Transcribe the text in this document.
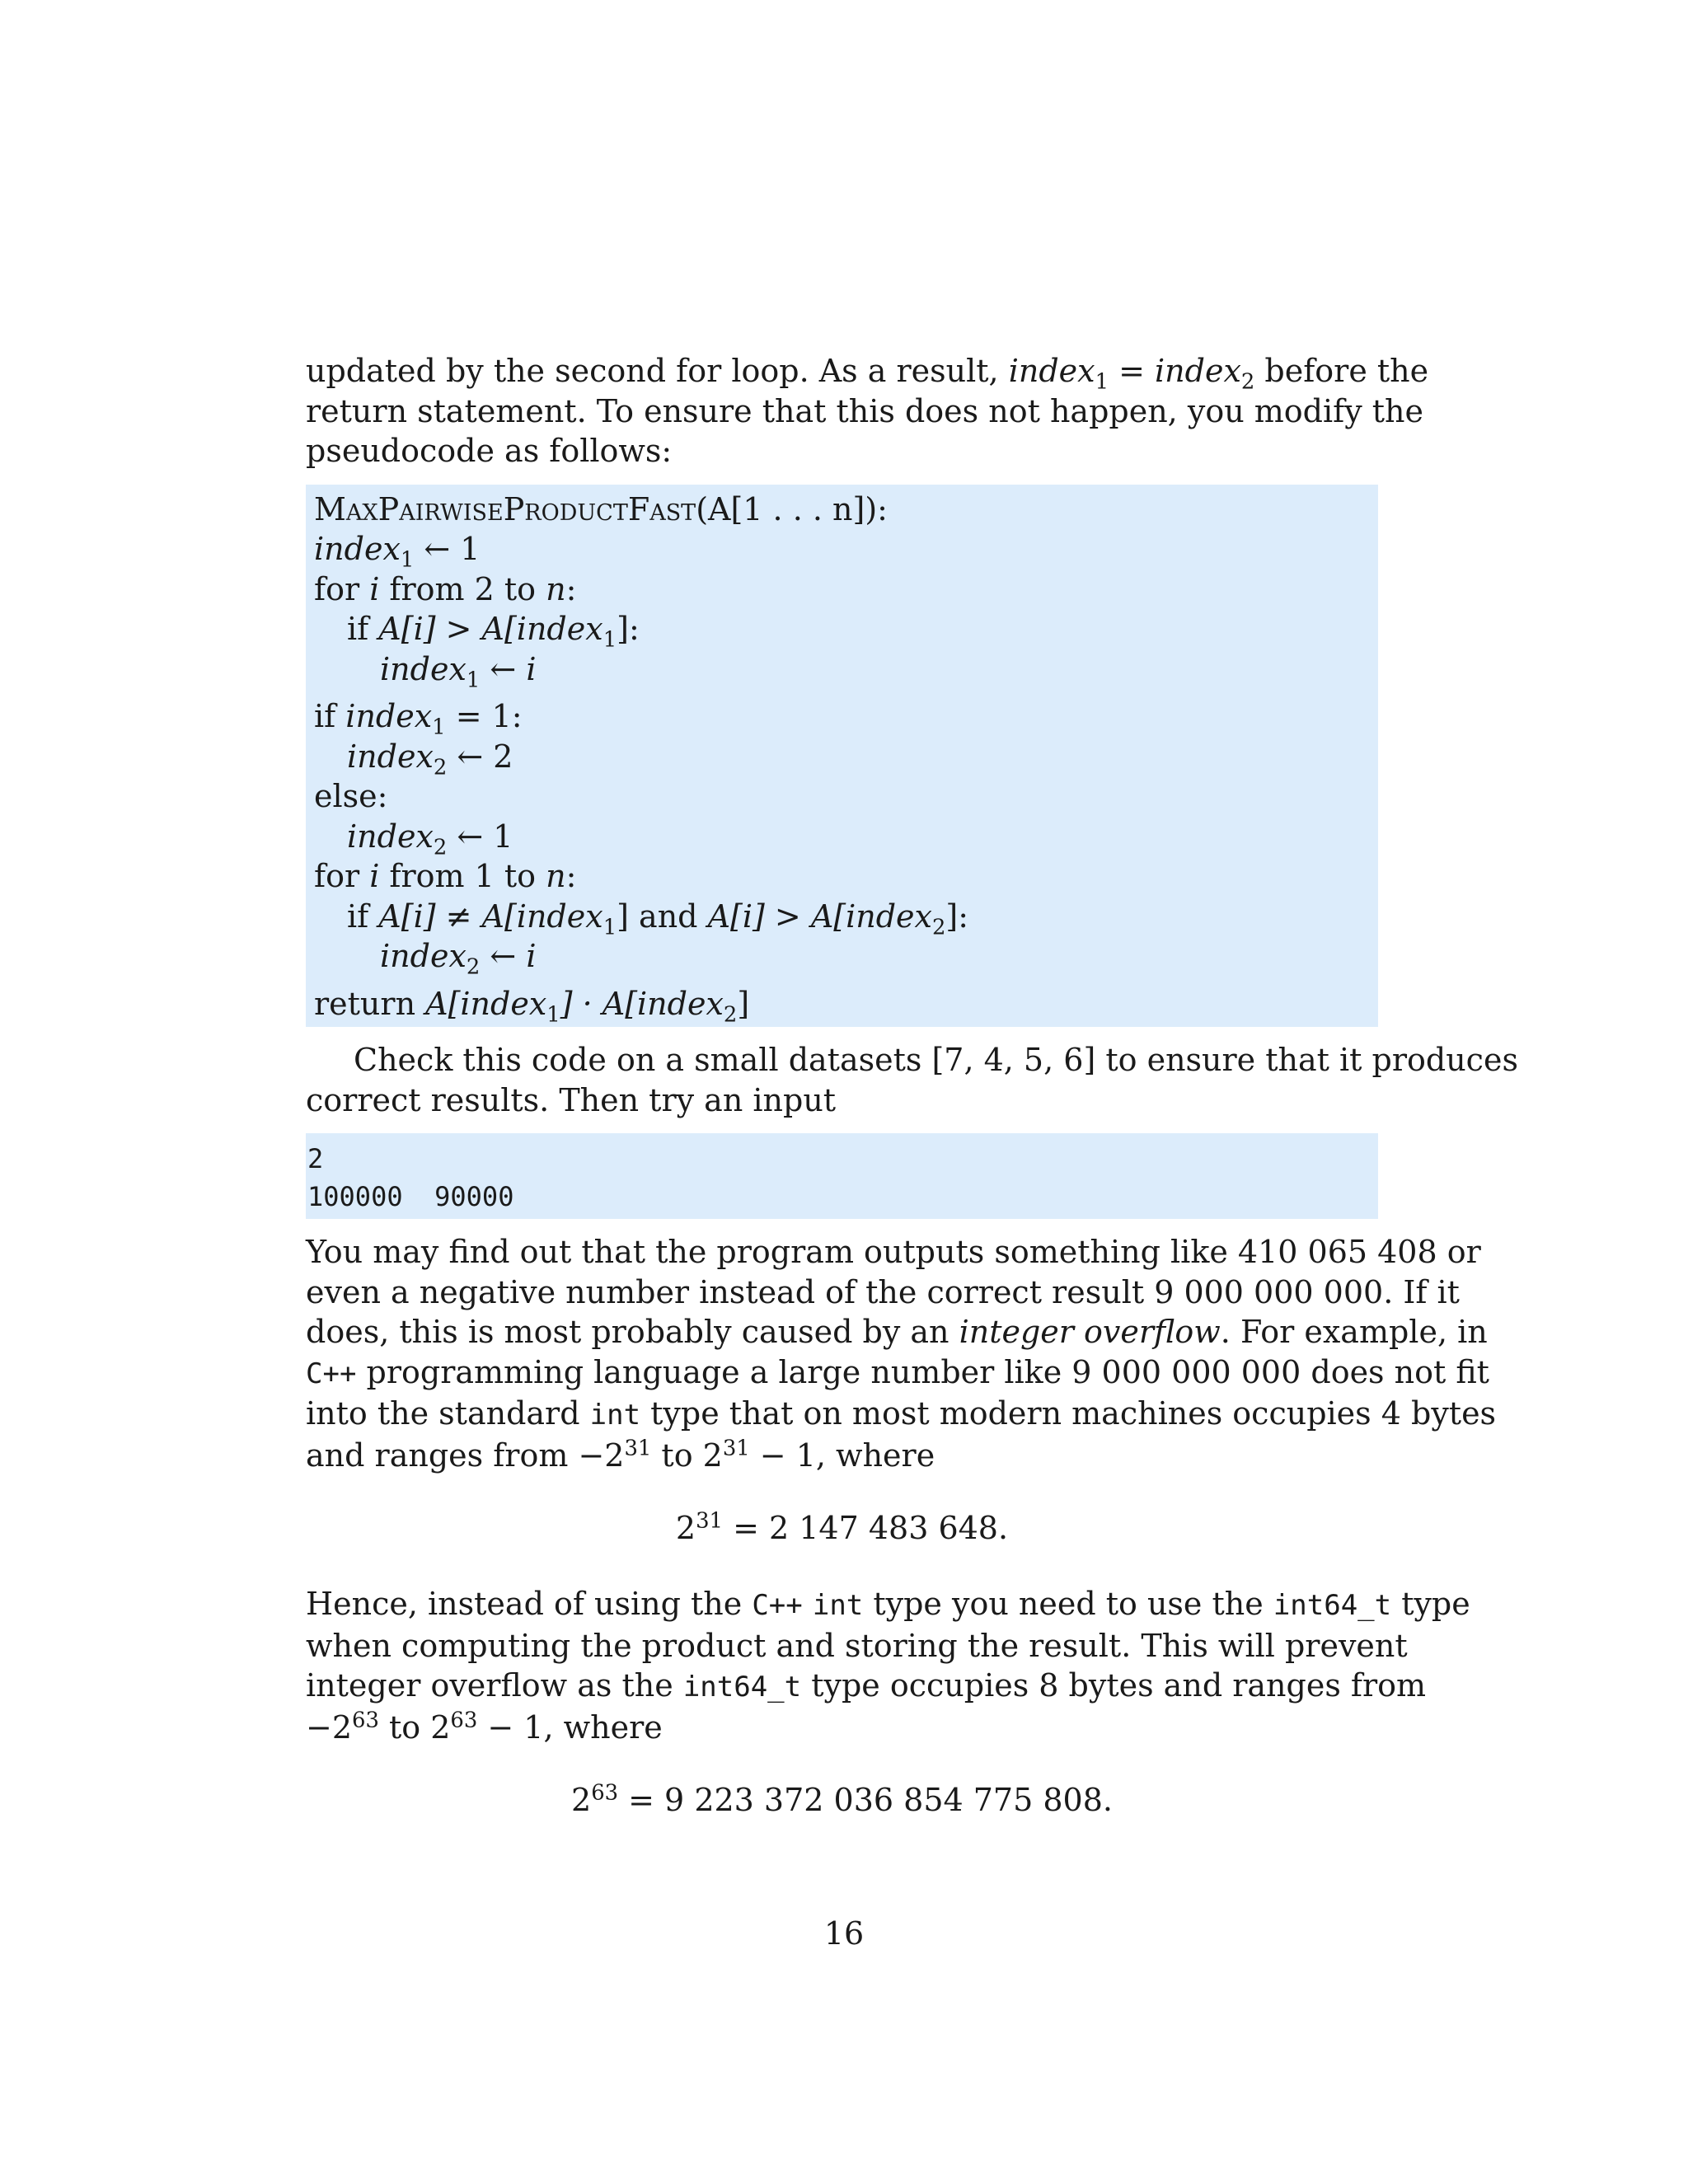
updated by the second for loop. As a result, index$_1$ = index$_2$ before the
return statement. To ensure that this does not happen, you modify the
pseudocode as follows:

MaxPairwiseProductFast(A[1 . . . n]):
index$_1$ ← 1
for i from 2 to n:
if A[i] > A[index$_1$]:
index$_1$ ← i
if index$_1$ = 1:
index$_2$ ← 2
else:
index$_2$ ← 1
for i from 1 to n:
if A[i] ≠ A[index$_1$] and A[i] > A[index$_2$]:
index$_2$ ← i
return A[index$_1$] · A[index$_2$]

Check this code on a small datasets [7, 4, 5, 6] to ensure that it produces
correct results. Then try an input

2
100000  90000

You may find out that the program outputs something like 410 065 408 or
even a negative number instead of the correct result 9 000 000 000. If it
does, this is most probably caused by an integer overflow. For example, in
C++ programming language a large number like 9 000 000 000 does not fit
into the standard int type that on most modern machines occupies 4 bytes
and ranges from $-2^{31}$ to $2^{31} - 1$, where

$2^{31} = 2$ 147 483 648.

Hence, instead of using the C++ int type you need to use the int64_t type
when computing the product and storing the result. This will prevent
integer overflow as the int64_t type occupies 8 bytes and ranges from
$-2^{63}$ to $2^{63} - 1$, where

$2^{63} = 9$ 223 372 036 854 775 808.
16
